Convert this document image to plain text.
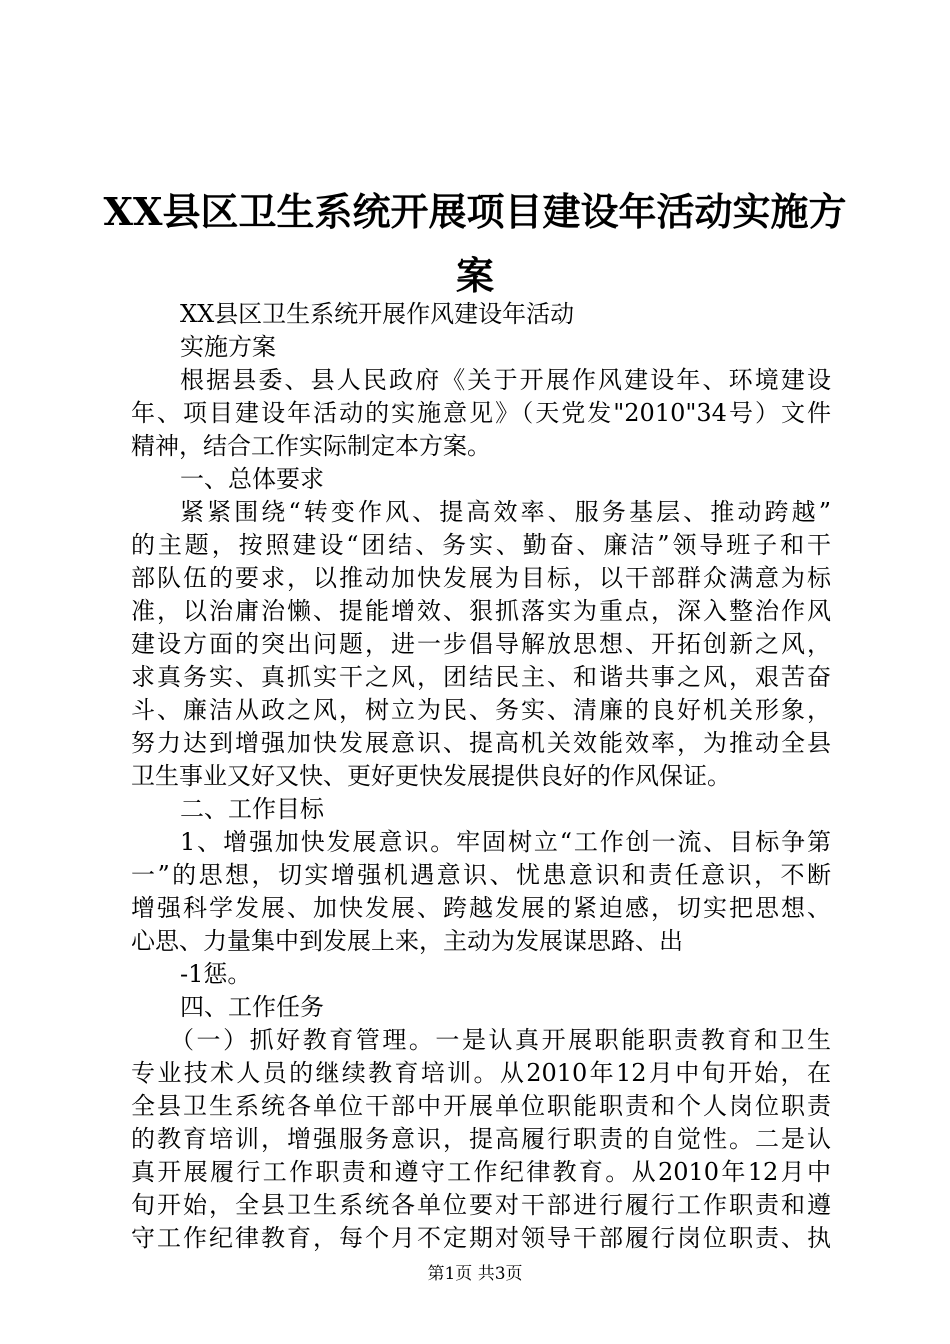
XX县区卫生系统开展项目建设年活动实施方
案
XX县区卫生系统开展作风建设年活动
实施方案
根据县委、县人民政府《关于开展作风建设年、环境建设
年、项目建设年活动的实施意见》（天党发"2010"34号）文件
精神，结合工作实际制定本方案。
一、总体要求
紧紧围绕“转变作风、提高效率、服务基层、推动跨越”
的主题，按照建设“团结、务实、勤奋、廉洁”领导班子和干
部队伍的要求，以推动加快发展为目标，以干部群众满意为标
准，以治庸治懒、提能增效、狠抓落实为重点，深入整治作风
建设方面的突出问题，进一步倡导解放思想、开拓创新之风，
求真务实、真抓实干之风，团结民主、和谐共事之风，艰苦奋
斗、廉洁从政之风，树立为民、务实、清廉的良好机关形象，
努力达到增强加快发展意识、提高机关效能效率，为推动全县
卫生事业又好又快、更好更快发展提供良好的作风保证。
二、工作目标
1、增强加快发展意识。牢固树立“工作创一流、目标争第
一”的思想，切实增强机遇意识、忧患意识和责任意识，不断
增强科学发展、加快发展、跨越发展的紧迫感，切实把思想、
心思、力量集中到发展上来，主动为发展谋思路、出
-1惩。
四、工作任务
（一）抓好教育管理。一是认真开展职能职责教育和卫生
专业技术人员的继续教育培训。从2010年12月中旬开始，在
全县卫生系统各单位干部中开展单位职能职责和个人岗位职责
的教育培训，增强服务意识，提高履行职责的自觉性。二是认
真开展履行工作职责和遵守工作纪律教育。从2010年12月中
旬开始，全县卫生系统各单位要对干部进行履行工作职责和遵
守工作纪律教育，每个月不定期对领导干部履行岗位职责、执
第1页 共3页
